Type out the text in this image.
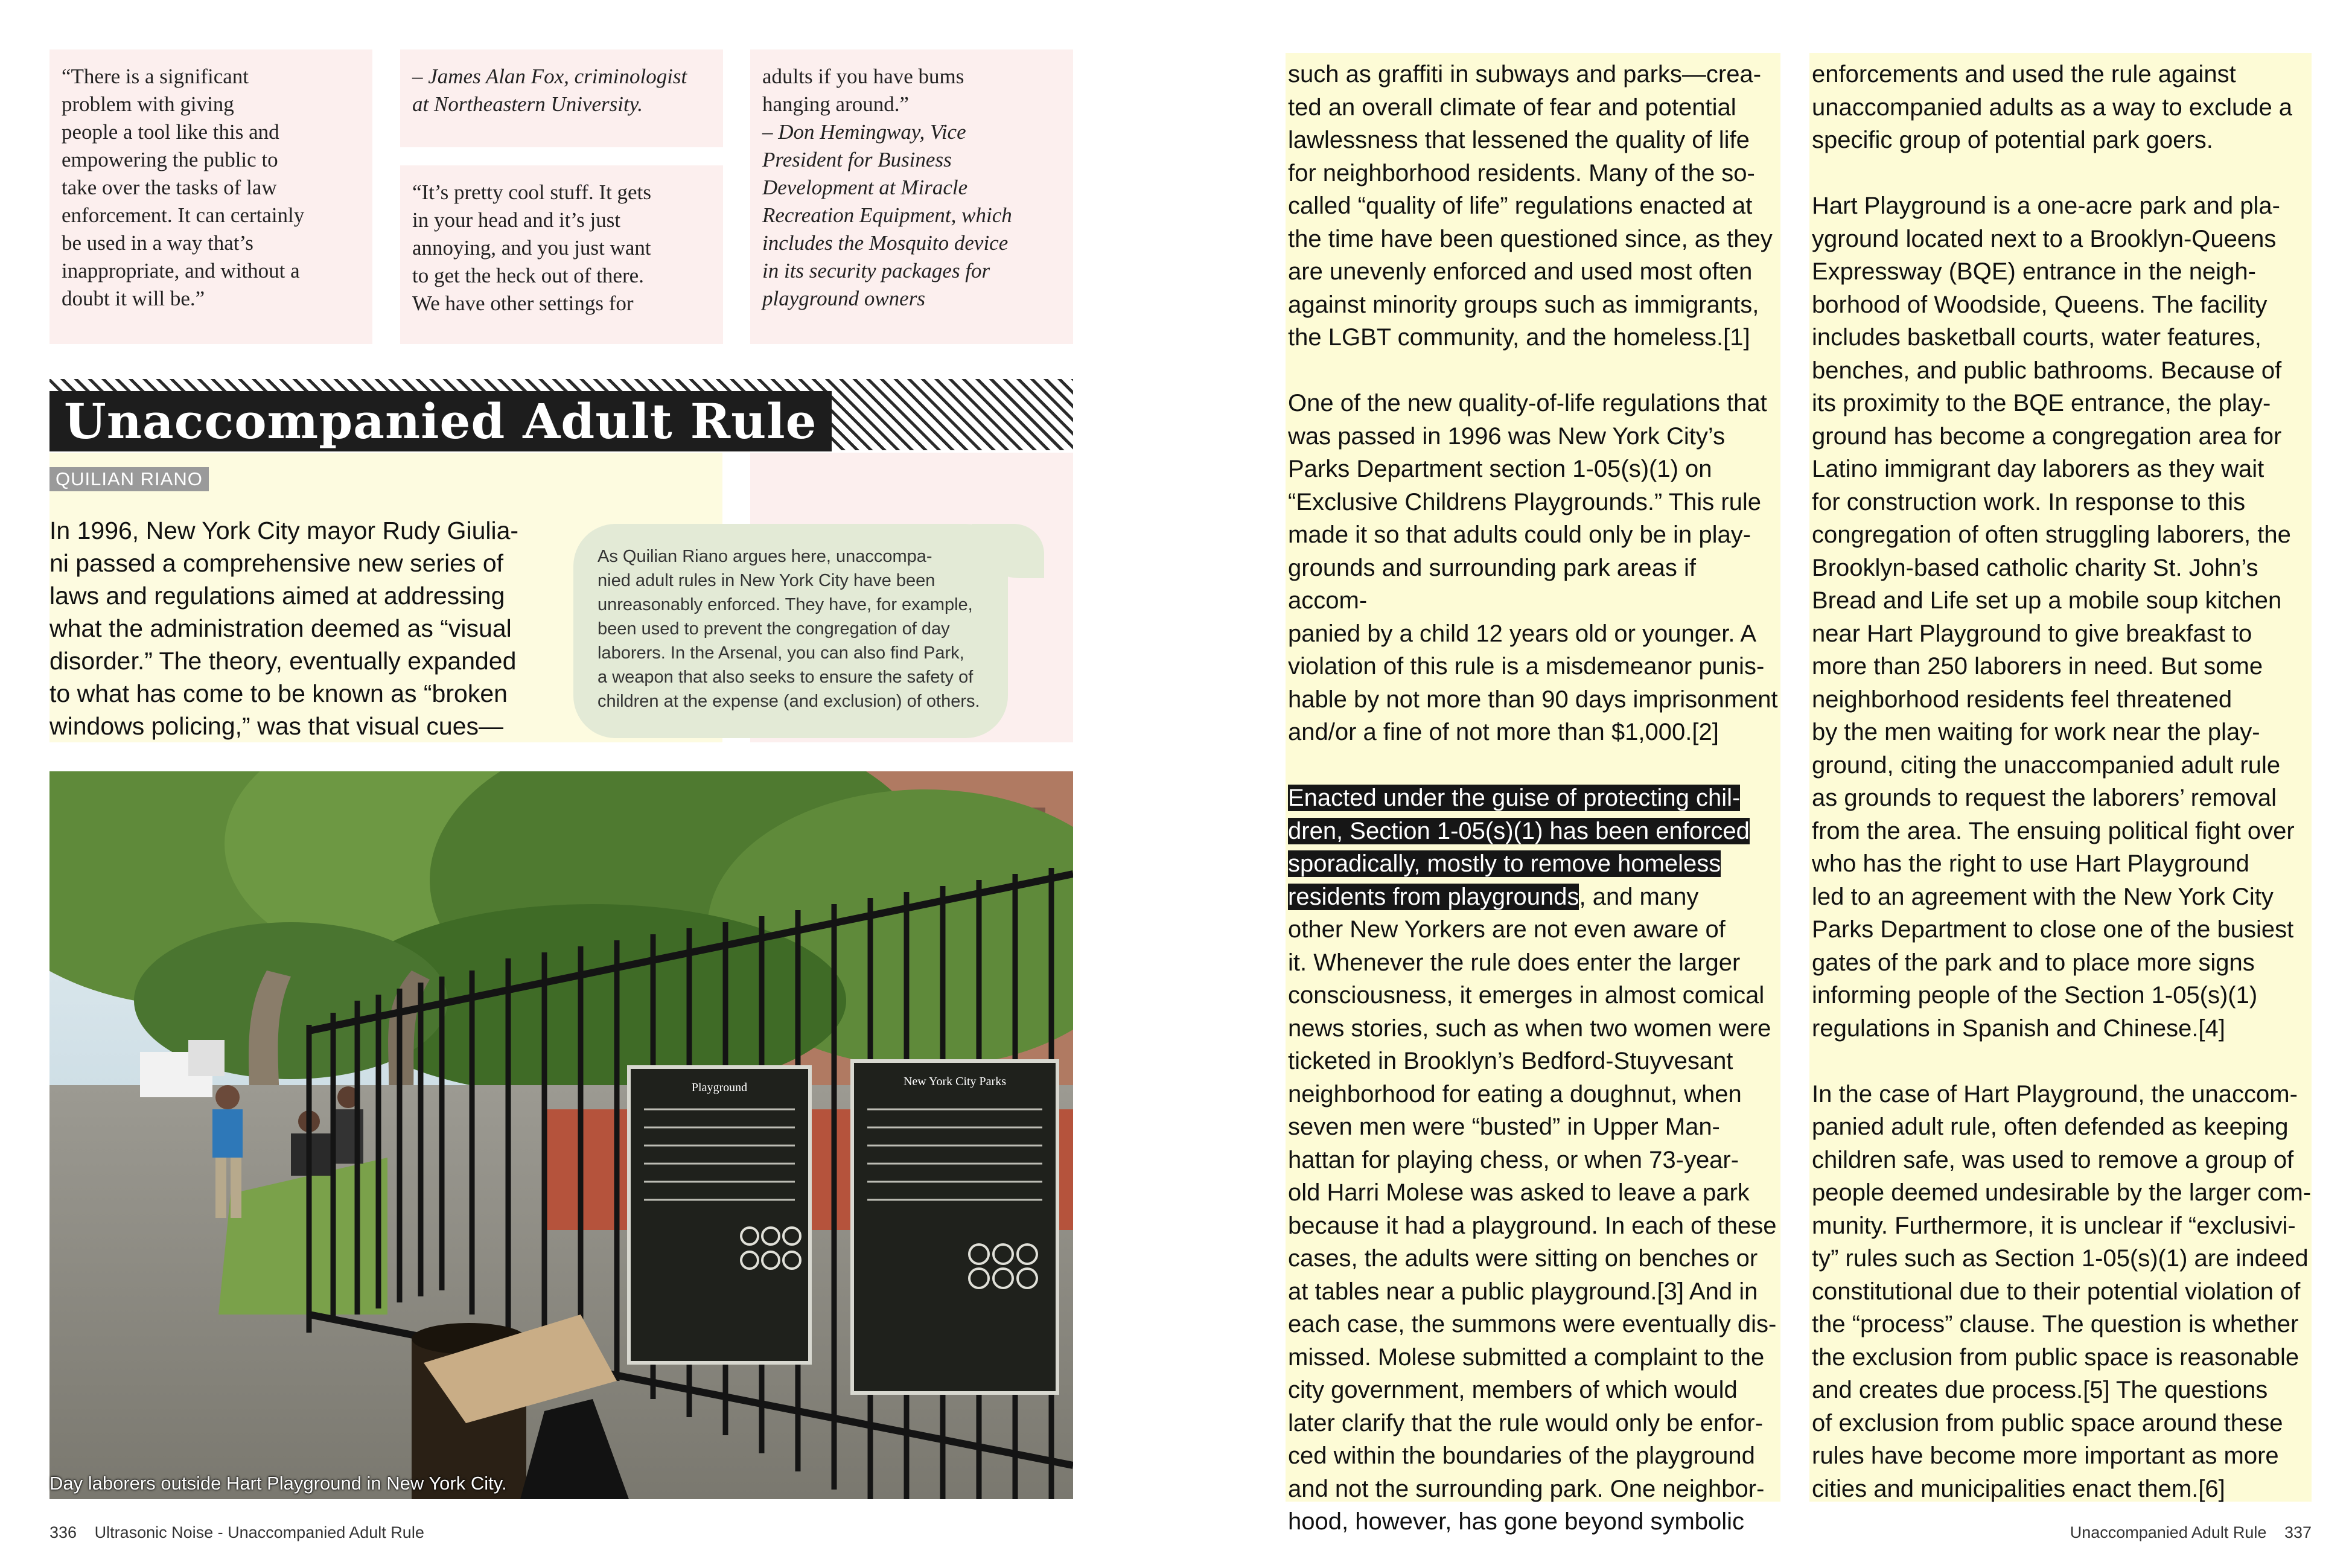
“There is a significant
problem with giving
people a tool like this and
empowering the public to
take over the tasks of law
enforcement. It can certainly
be used in a way that’s
inappropriate, and without a
doubt it will be.”

– James Alan Fox, criminologist
at Northeastern University.

“It’s pretty cool stuff. It gets
in your head and it’s just
annoying, and you just want
to get the heck out of there.
We have other settings for

adults if you have bums
hanging around.”

– Don Hemingway, Vice
President for Business
Development at Miracle
Recreation Equipment, which
includes the Mosquito device
in its security packages for
playground owners

Unaccompanied Adult Rule
QUILIAN RIANO
In 1996, New York City mayor Rudy Giulia-
ni passed a comprehensive new series of
laws and regulations aimed at addressing
what the administration deemed as “visual
disorder.” The theory, eventually expanded
to what has come to be known as “broken
windows policing,” was that visual cues—
As Quilian Riano argues here, unaccompa-
nied adult rules in New York City have been
unreasonably enforced. They have, for example,
been used to prevent the congregation of day
laborers. In the Arsenal, you can also find Park,
a weapon that also seeks to ensure the safety of
children at the expense (and exclusion) of others.
Playground	New York City Parks
Day laborers outside Hart Playground in New York City.
336 Ultrasonic Noise - Unaccompanied Adult Rule

such as graffiti in subways and parks—crea-
ted an overall climate of fear and potential
lawlessness that lessened the quality of life
for neighborhood residents. Many of the so-
called “quality of life” regulations enacted at
the time have been questioned since, as they
are unevenly enforced and used most often
against minority groups such as immigrants,
the LGBT community, and the homeless.[1]

One of the new quality-of-life regulations that
was passed in 1996 was New York City’s
Parks Department section 1-05(s)(1) on
“Exclusive Childrens Playgrounds.” This rule
made it so that adults could only be in play-
grounds and surrounding park areas if accom-
panied by a child 12 years old or younger. A
violation of this rule is a misdemeanor punis-
hable by not more than 90 days imprisonment
and/or a fine of not more than $1,000.[2]

Enacted under the guise of protecting chil-
dren, Section 1-05(s)(1) has been enforced
sporadically, mostly to remove homeless
residents from playgrounds, and many
other New Yorkers are not even aware of
it. Whenever the rule does enter the larger
consciousness, it emerges in almost comical
news stories, such as when two women were
ticketed in Brooklyn’s Bedford-Stuyvesant
neighborhood for eating a doughnut, when
seven men were “busted” in Upper Man-
hattan for playing chess, or when 73-year-
old Harri Molese was asked to leave a park
because it had a playground. In each of these
cases, the adults were sitting on benches or
at tables near a public playground.[3] And in
each case, the summons were eventually dis-
missed. Molese submitted a complaint to the
city government, members of which would
later clarify that the rule would only be enfor-
ced within the boundaries of the playground
and not the surrounding park. One neighbor-
hood, however, has gone beyond symbolic

enforcements and used the rule against
unaccompanied adults as a way to exclude a
specific group of potential park goers.

Hart Playground is a one-acre park and pla-
yground located next to a Brooklyn-Queens
Expressway (BQE) entrance in the neigh-
borhood of Woodside, Queens. The facility
includes basketball courts, water features,
benches, and public bathrooms. Because of
its proximity to the BQE entrance, the play-
ground has become a congregation area for
Latino immigrant day laborers as they wait
for construction work. In response to this
congregation of often struggling laborers, the
Brooklyn-based catholic charity St. John’s
Bread and Life set up a mobile soup kitchen
near Hart Playground to give breakfast to
more than 250 laborers in need. But some
neighborhood residents feel threatened
by the men waiting for work near the play-
ground, citing the unaccompanied adult rule
as grounds to request the laborers’ removal
from the area. The ensuing political fight over
who has the right to use Hart Playground
led to an agreement with the New York City
Parks Department to close one of the busiest
gates of the park and to place more signs
informing people of the Section 1-05(s)(1)
regulations in Spanish and Chinese.[4]

In the case of Hart Playground, the unaccom-
panied adult rule, often defended as keeping
children safe, was used to remove a group of
people deemed undesirable by the larger com-
munity. Furthermore, it is unclear if “exclusivi-
ty” rules such as Section 1-05(s)(1) are indeed
constitutional due to their potential violation of
the “process” clause. The question is whether
the exclusion from public space is reasonable
and creates due process.[5] The questions
of exclusion from public space around these
rules have become more important as more
cities and municipalities enact them.[6]

Unaccompanied Adult Rule 337
